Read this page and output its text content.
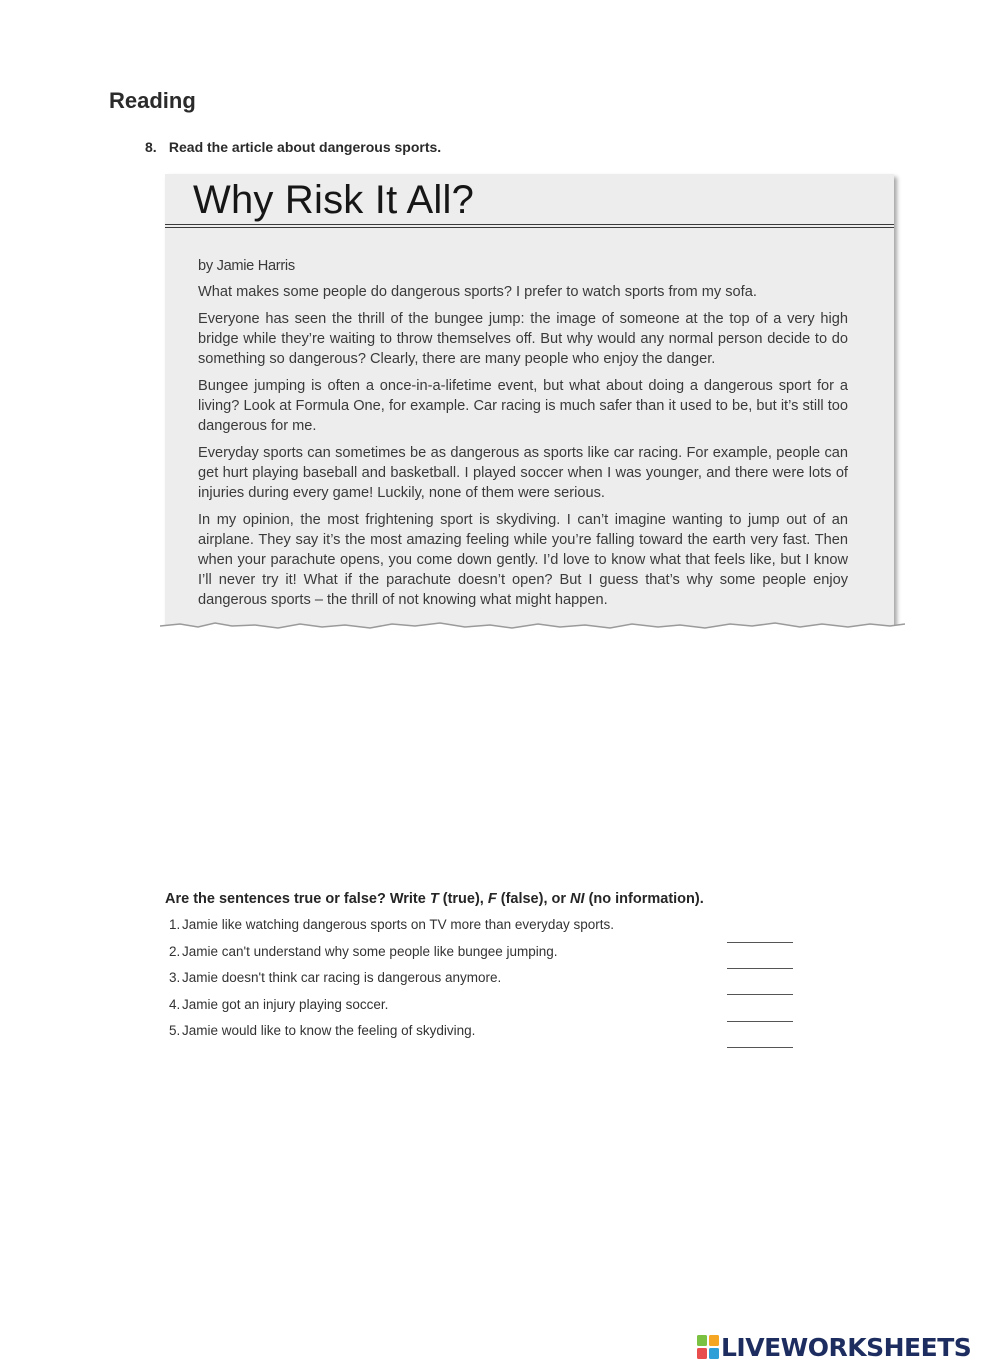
Reading
8. Read the article about dangerous sports.
Why Risk It All?

by Jamie Harris

What makes some people do dangerous sports? I prefer to watch sports from my sofa.

Everyone has seen the thrill of the bungee jump: the image of someone at the top of a very high bridge while they’re waiting to throw themselves off. But why would any normal person decide to do something so dangerous? Clearly, there are many people who enjoy the danger.

Bungee jumping is often a once-in-a-lifetime event, but what about doing a dangerous sport for a living? Look at Formula One, for example. Car racing is much safer than it used to be, but it’s still too dangerous for me.

Everyday sports can sometimes be as dangerous as sports like car racing. For example, people can get hurt playing baseball and basketball. I played soccer when I was younger, and there were lots of injuries during every game! Luckily, none of them were serious.

In my opinion, the most frightening sport is skydiving. I can’t imagine wanting to jump out of an airplane. They say it’s the most amazing feeling while you’re falling toward the earth very fast. Then when your parachute opens, you come down gently. I’d love to know what that feels like, but I know I’ll never try it! What if the parachute doesn’t open? But I guess that’s why some people enjoy dangerous sports – the thrill of not knowing what might happen.

Are the sentences true or false? Write T (true), F (false), or NI (no information).
1. Jamie like watching dangerous sports on TV more than everyday sports.
2. Jamie can't understand why some people like bungee jumping.
3. Jamie doesn't think car racing is dangerous anymore.
4. Jamie got an injury playing soccer.
5. Jamie would like to know the feeling of skydiving.
LIVEWORKSHEETS
